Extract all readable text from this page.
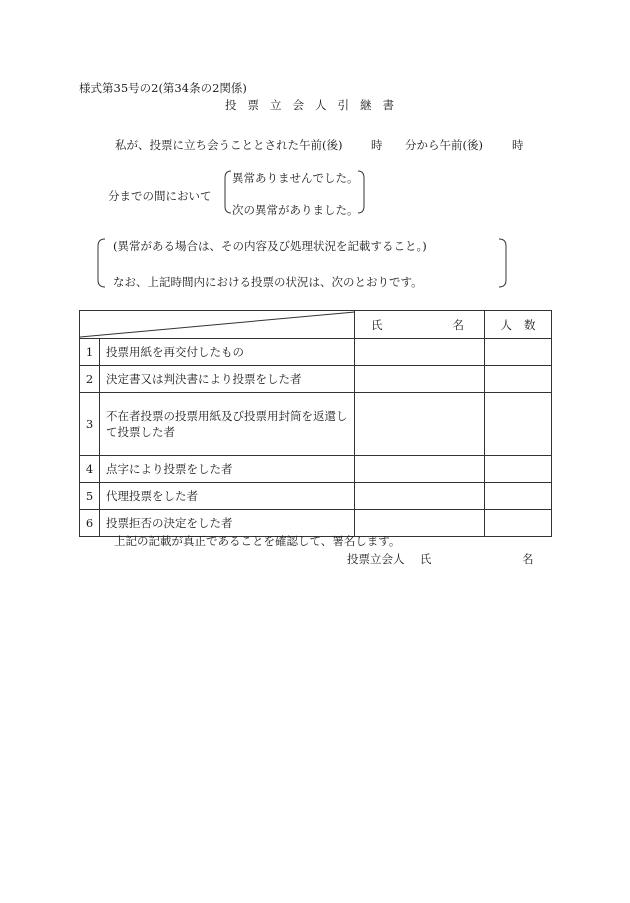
様式第35号の2(第34条の2関係)
投票立会人引継書
私が、投票に立ち会うこととされた午前(後) 時 分から午前(後)	時
分までの間において
異常ありませんでした。
次の異常がありました。
(異常がある場合は、その内容及び処理状況を記載すること。)
なお、上記時間内における投票の状況は、次のとおりです。

氏 名	人 数
1	投票用紙を再交付したもの		
2	決定書又は判決書により投票をした者		
3	不在者投票の投票用紙及び投票用封筒を返還して投票した者		
4	点字により投票をした者		
5	代理投票をした者		
6	投票拒否の決定をした者		
上記の記載が真正であることを確認して、署名します。
投票立会人 氏	名
